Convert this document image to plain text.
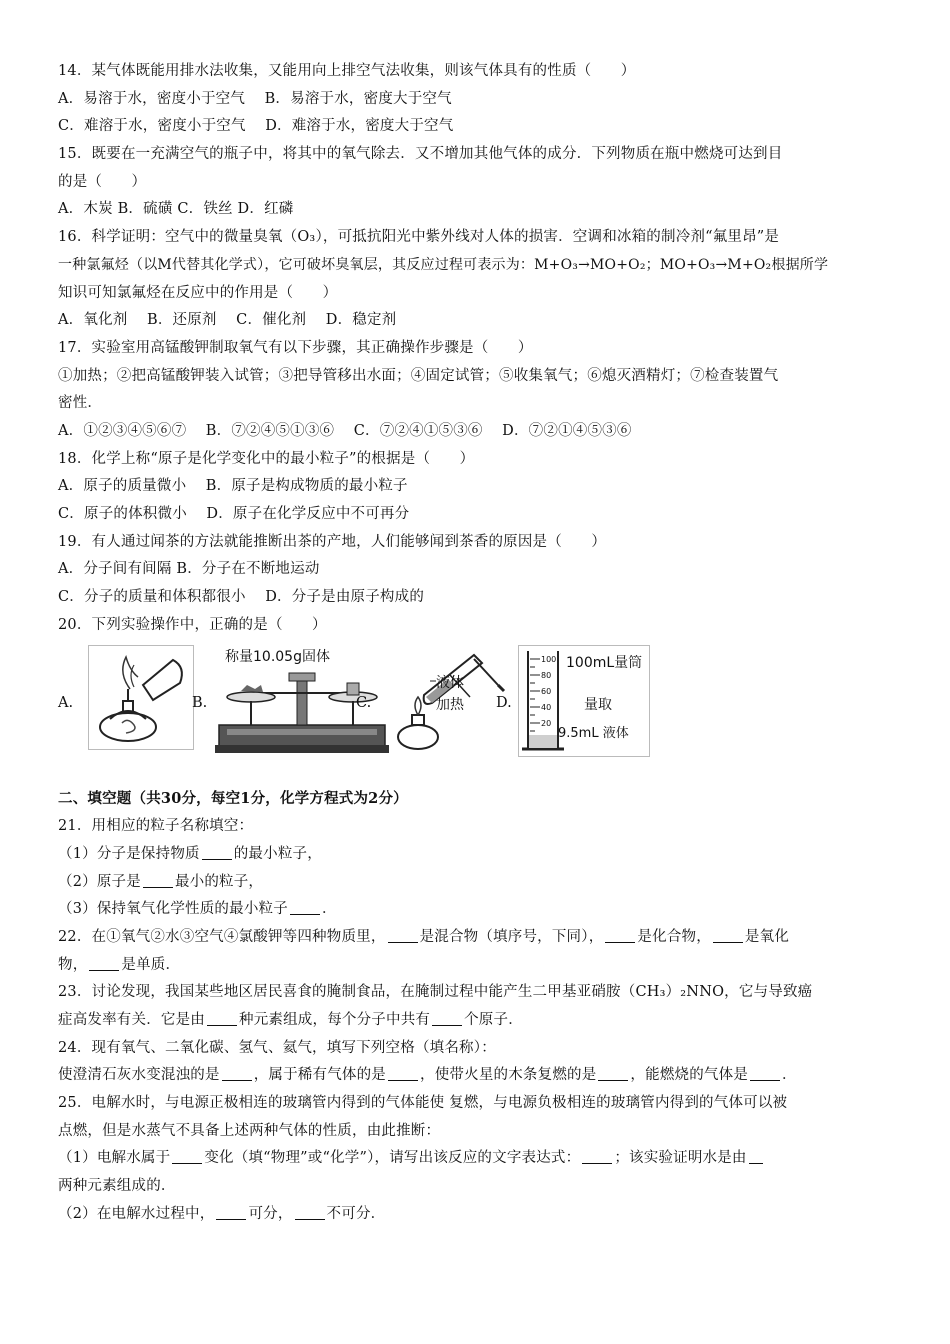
14．某气体既能用排水法收集，又能用向上排空气法收集，则该气体具有的性质（　　）
A．易溶于水，密度小于空气　 B．易溶于水，密度大于空气
C．难溶于水，密度小于空气　 D．难溶于水，密度大于空气
15．既要在一充满空气的瓶子中，将其中的氧气除去．又不增加其他气体的成分．下列物质在瓶中燃烧可达到目
的是（　　）
A．木炭 B．硫磺 C．铁丝 D．红磷
16．科学证明：空气中的微量臭氧（O₃），可抵抗阳光中紫外线对人体的损害．空调和冰箱的制冷剂“氟里昂”是
一种氯氟烃（以M代替其化学式），它可破坏臭氧层，其反应过程可表示为：M+O₃→MO+O₂；MO+O₃→M+O₂根据所学
知识可知氯氟烃在反应中的作用是（　　）
A．氧化剂　 B．还原剂　 C．催化剂　 D．稳定剂
17．实验室用高锰酸钾制取氧气有以下步骤，其正确操作步骤是（　　）
①加热；②把高锰酸钾装入试管；③把导管移出水面；④固定试管；⑤收集氧气；⑥熄灭酒精灯；⑦检查装置气
密性．
A．①②③④⑤⑥⑦　 B．⑦②④⑤①③⑥　 C．⑦②④①⑤③⑥　 D．⑦②①④⑤③⑥
18．化学上称“原子是化学变化中的最小粒子”的根据是（　　）
A．原子的质量微小　 B．原子是构成物质的最小粒子
C．原子的体积微小　 D．原子在化学反应中不可再分
19．有人通过闻茶的方法就能推断出茶的产地，人们能够闻到茶香的原因是（　　）
A．分子间有间隔 B．分子在不断地运动
C．分子的质量和体积都很小　 D．分子是由原子构成的
20．下列实验操作中，正确的是（　　）
A.	B.
称量10.05g固体
C.
液体
加热 D.
100
80
60
40
20
100mL量筒
量取
9.5mL 液体
二、填空题（共30分，每空1分，化学方程式为2分）
21．用相应的粒子名称填空：
（1）分子是保持物质 的最小粒子，
（2）原子是 最小的粒子，
（3）保持氧气化学性质的最小粒子 ．
22．在①氧气②水③空气④氯酸钾等四种物质里， 是混合物（填序号，下同）， 是化合物， 是氧化
物， 是单质．
23．讨论发现，我国某些地区居民喜食的腌制食品，在腌制过程中能产生二甲基亚硝胺（CH₃）₂NNO，它与导致癌
症高发率有关．它是由 种元素组成，每个分子中共有 个原子．
24．现有氧气、二氧化碳、氢气、氦气，填写下列空格（填名称）：
使澄清石灰水变混浊的是 ，属于稀有气体的是 ，使带火星的木条复燃的是 ，能燃烧的气体是 ．
25．电解水时，与电源正极相连的玻璃管内得到的气体能使 复燃，与电源负极相连的玻璃管内得到的气体可以被
点燃，但是水蒸气不具备上述两种气体的性质，由此推断：
（1）电解水属于 变化（填“物理”或“化学”），请写出该反应的文字表达式： ；该实验证明水是由
两种元素组成的．
（2）在电解水过程中， 可分， 不可分．
